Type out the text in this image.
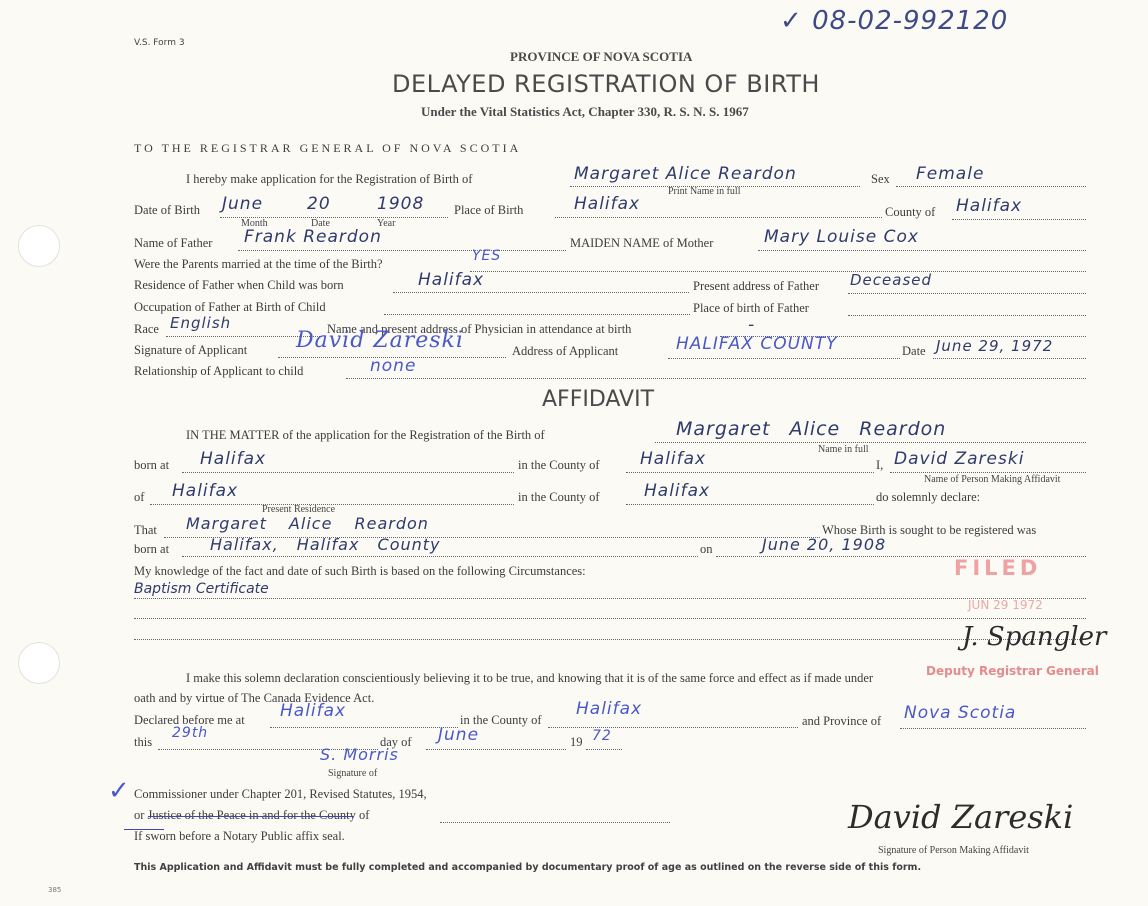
V.S. Form 3
✓ 08-02-992120
PROVINCE OF NOVA SCOTIA
DELAYED REGISTRATION OF BIRTH
Under the Vital Statistics Act, Chapter 330, R. S. N. S. 1967
TO THE REGISTRAR GENERAL OF NOVA SCOTIA
I hereby make application for the Registration of Birth of	Margaret Alice Reardon
Print Name in full
Sex Female
Date of Birth June	20	1908
Month	Date	Year
Place of Birth	Halifax	County of Halifax
Name of Father Frank Reardon	MAIDEN NAME of Mother	Mary Louise Cox
Were the Parents married at the time of the Birth?	YES
Residence of Father when Child was born	Halifax	Present address of Father Deceased
Occupation of Father at Birth of Child	Place of birth of Father
Race English	Name and present address of Physician in attendance at birth	-
Signature of Applicant David Zareski	Address of Applicant	HALIFAX COUNTY	Date June 29, 1972
Relationship of Applicant to child	none
AFFIDAVIT
IN THE MATTER of the application for the Registration of the Birth of	Margaret Alice Reardon
Name in full
born at Halifax	in the County of Halifax	I, David Zareski
Name of Person Making Affidavit
of Halifax
Present Residence
in the County of	Halifax	do solemnly declare:
That Margaret Alice Reardon	Whose Birth is sought to be registered was
born at	Halifax, Halifax County	on	June 20, 1908
My knowledge of the fact and date of such Birth is based on the following Circumstances:
Baptism Certificate
FILED
JUN 29 1972
J. Spangler
Deputy Registrar General
I make this solemn declaration conscientiously believing it to be true, and knowing that it is of the same force and effect as if made under
oath and by virtue of The Canada Evidence Act.
Declared before me at Halifax	in the County of
Halifax
and Province of Nova Scotia
this
29th
day of June	19 72
S. Morris
Signature of
✓ Commissioner under Chapter 201, Revised Statutes, 1954,
or Justice of the Peace in and for the County of
If sworn before a Notary Public affix seal.	David Zareski
Signature of Person Making Affidavit
This Application and Affidavit must be fully completed and accompanied by documentary proof of age as outlined on the reverse side of this form.
385
